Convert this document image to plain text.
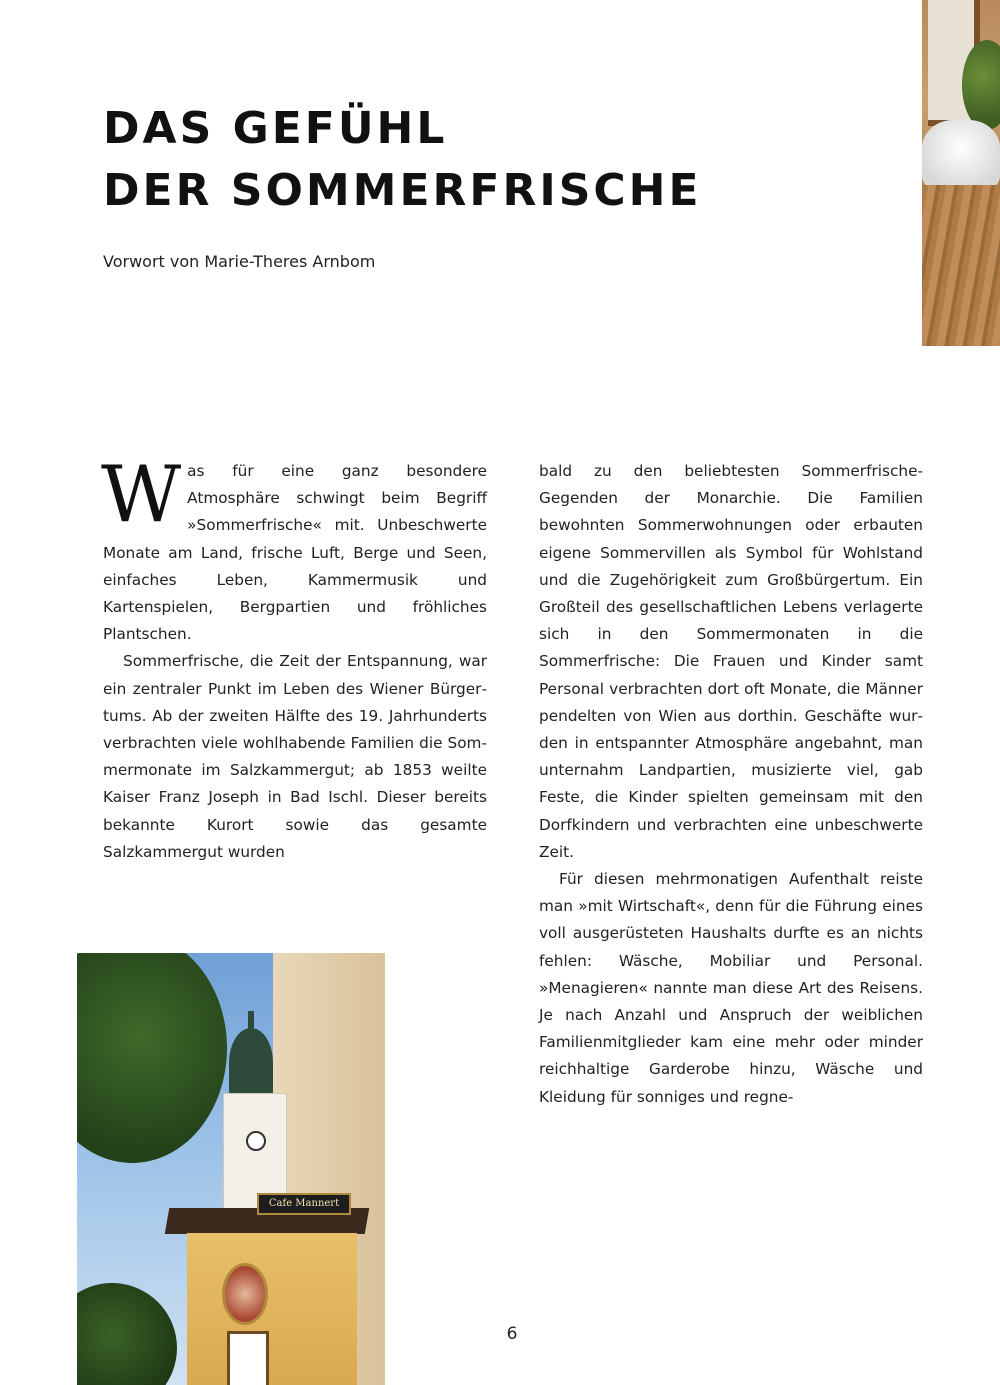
DAS GEFÜHL
DER SOMMERFRISCHE

Vorwort von Marie-Theres Arnbom

Was für eine ganz besondere Atmosphäre schwingt beim Begriff »Sommerfrische« mit. Unbeschwerte Monate am Land, frische Luft, Berge und Seen, einfaches Leben, Kammermusik und Kartenspielen, Bergpartien und fröhliches Plantschen.

Sommerfrische, die Zeit der Entspannung, war ein zentraler Punkt im Leben des Wiener Bürgertums. Ab der zweiten Hälfte des 19. Jahrhunderts verbrachten viele wohlhabende Familien die Sommermonate im Salzkammergut; ab 1853 weilte Kaiser Franz Joseph in Bad Ischl. Dieser bereits bekannte Kurort sowie das gesamte Salzkammergut wurden

bald zu den beliebtesten Sommerfrische-Gegenden der Monarchie. Die Familien bewohnten Sommerwohnungen oder erbauten eigene Sommervillen als Symbol für Wohlstand und die Zugehörigkeit zum Großbürgertum. Ein Großteil des gesellschaftlichen Lebens verlagerte sich in den Sommermonaten in die Sommerfrische: Die Frauen und Kinder samt Personal verbrachten dort oft Monate, die Männer pendelten von Wien aus dorthin. Geschäfte wurden in entspannter Atmosphäre angebahnt, man unternahm Landpartien, musizierte viel, gab Feste, die Kinder spielten gemeinsam mit den Dorfkindern und verbrachten eine unbeschwerte Zeit.

Für diesen mehrmonatigen Aufenthalt reiste man »mit Wirtschaft«, denn für die Führung eines voll ausgerüsteten Haushalts durfte es an nichts fehlen: Wäsche, Mobiliar und Personal. »Menagieren« nannte man diese Art des Reisens. Je nach Anzahl und Anspruch der weiblichen Familienmitglieder kam eine mehr oder minder reichhaltige Garderobe hinzu, Wäsche und Kleidung für sonniges und regne-

Cafe Mannert
6
